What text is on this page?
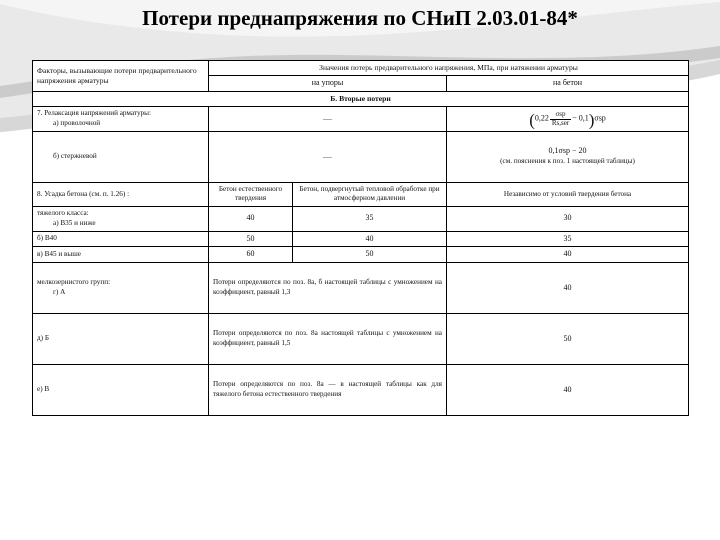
Потери преднапряжения по СНиП 2.03.01-84*
Факторы, вызывающие потери предварительного напряжения арматуры	Значения потерь предварительного напряжения, МПа, при натяжении арматуры		
	на упоры		на бетон
Б. Вторые потери			

7. Релаксация напряжений арматуры:
а) проволочной	—	$(0,22 \frac{\text{σsp}}{\text{Rs,ser}} - 0,1)\sigma sp$

б) стержневой	—		0,1σsp − 20
(см. пояснения к поз. 1 настоящей таблицы)

8. Усадка бетона (см. п. 1.26) :	Бетон естественного твердения	Бетон, подвергнутый тепловой обработке при атмосферном давлении	Независимо от условий твердения бетона

тяжелого класса:
а) В35 и ниже	40	35	30
б) В40	50	40	35
в) В45 и выше	60	50	40

мелкозернистого групп:
г) А	Потери определяются по поз. 8а, б настоящей таблицы с умножением на коэффициент, равный 1,3		40
д) Б	Потери определяются по поз. 8а настоящей таблицы с умножением на коэффициент, равный 1,5		50
е) В	Потери определяются по поз. 8а — в настоящей таблицы как для тяжелого бетона естественного твердения		40
